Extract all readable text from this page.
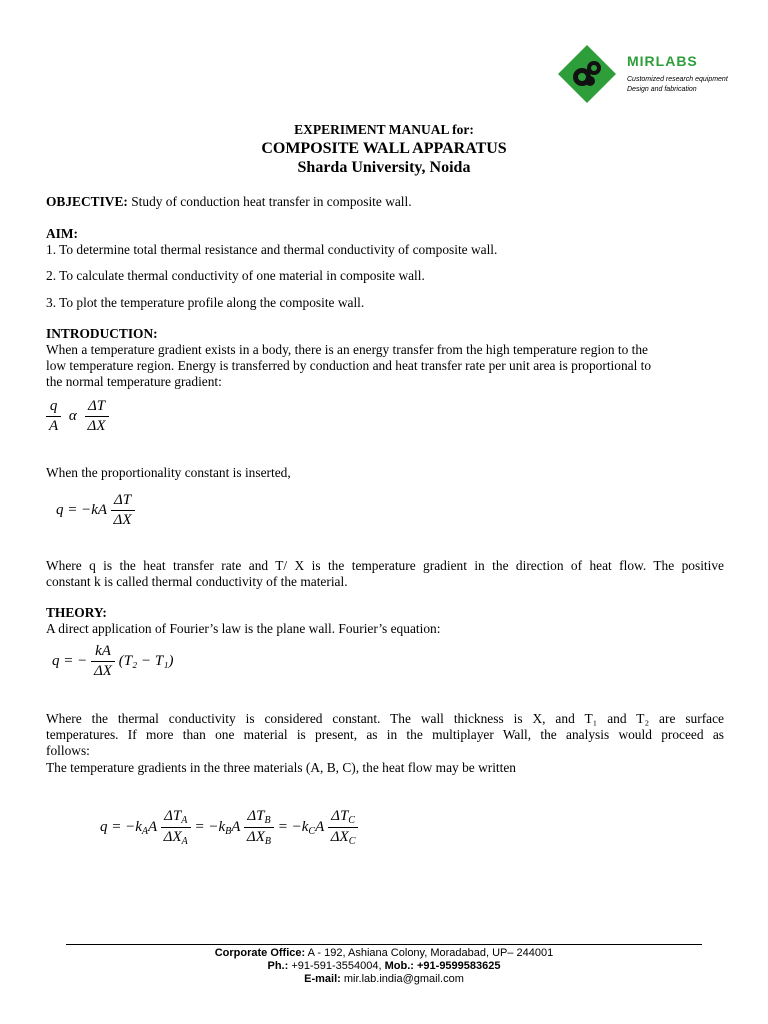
MIRLABS
Customized research equipment
Design and fabrication
EXPERIMENT MANUAL for:
COMPOSITE WALL APPARATUS
Sharda University, Noida
OBJECTIVE: Study of conduction heat transfer in composite wall.
AIM:
1. To determine total thermal resistance and thermal conductivity of composite wall.
2. To calculate thermal conductivity of one material in composite wall.
3. To plot the temperature profile along the composite wall.
INTRODUCTION:
When a temperature gradient exists in a body, there is an energy transfer from the high temperature region to the
low temperature region. Energy is transferred by conduction and heat transfer rate per unit area is proportional to
the normal temperature gradient:
$\frac{q}{A}$ α $\frac{\Delta T}{\Delta X}$
When the proportionality constant is inserted,
$q = -kA \frac{\Delta T}{\Delta X}$
Where q is the heat transfer rate and T/ X is the temperature gradient in the direction of heat flow. The positive
constant k is called thermal conductivity of the material.
THEORY:
A direct application of Fourier’s law is the plane wall. Fourier’s equation:
q = − $\frac{kA}{\Delta X} (T_2 - T_1)$
Where the thermal conductivity is considered constant. The wall thickness is X, and T₁ and T₂ are surface
temperatures. If more than one material is present, as in the multiplayer Wall, the analysis would proceed as
follows:
The temperature gradients in the three materials (A, B, C), the heat flow may be written
$q = -k_AA \frac{\Delta T_A}{\Delta X_A} = -k_BA \frac{\Delta T_B}{\Delta X_B} = -k_CA \frac{\Delta T_C}{\Delta X_C}$
Corporate Office: A - 192, Ashiana Colony, Moradabad, UP– 244001
Ph.: +91-591-3554004, Mob.: +91-9599583625
E-mail: mir.lab.india@gmail.com
